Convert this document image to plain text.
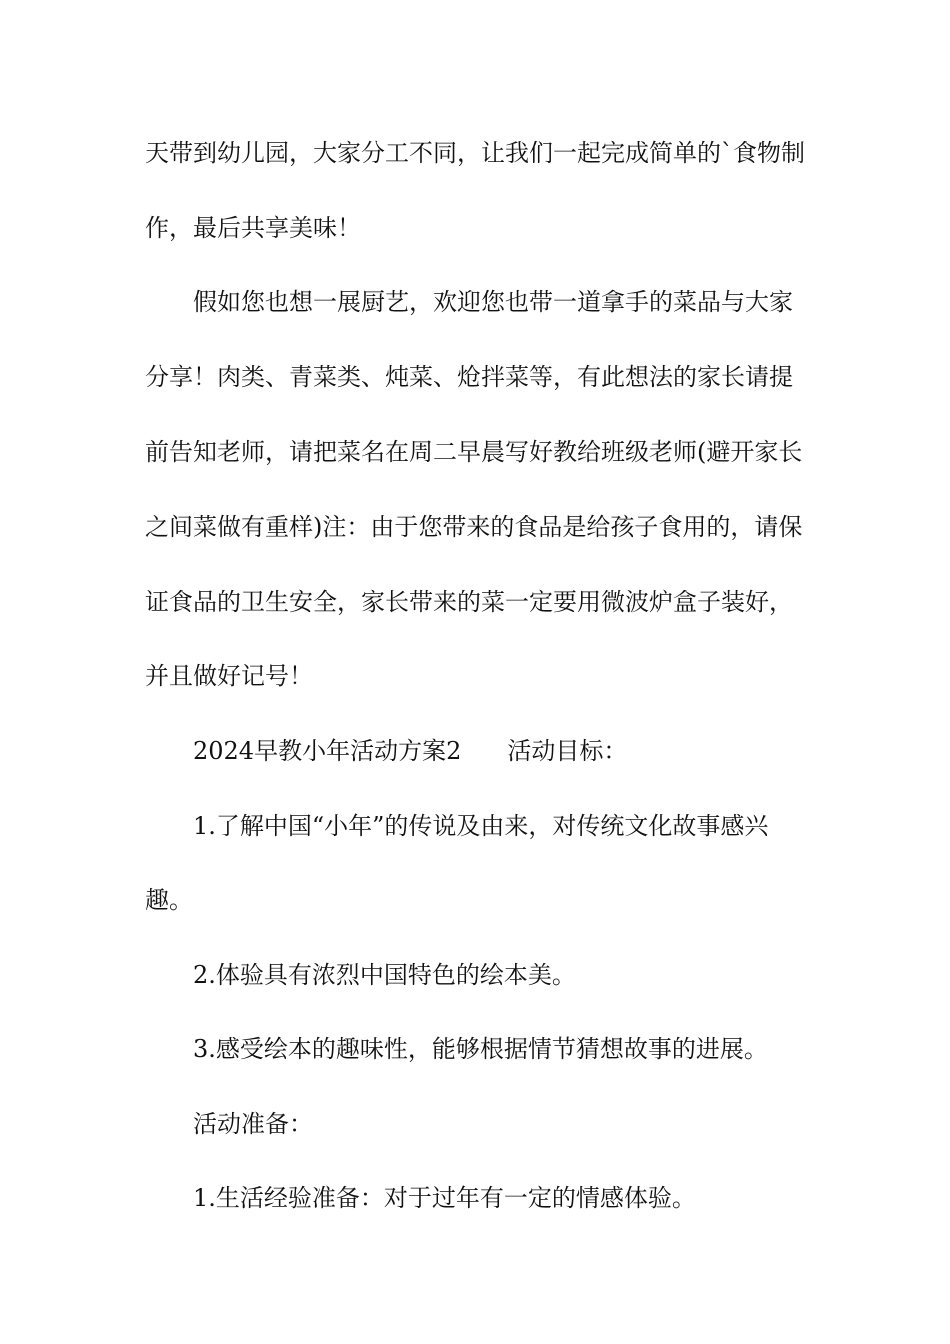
天带到幼儿园，大家分工不同，让我们一起完成简单的`食物制
作，最后共享美味！
假如您也想一展厨艺，欢迎您也带一道拿手的菜品与大家
分享！肉类、青菜类、炖菜、炝拌菜等，有此想法的家长请提
前告知老师，请把菜名在周二早晨写好教给班级老师(避开家长
之间菜做有重样)注：由于您带来的食品是给孩子食用的，请保
证食品的卫生安全，家长带来的菜一定要用微波炉盒子装好，
并且做好记号！
2024早教小年活动方案2 活动目标：
1.了解中国“小年”的传说及由来，对传统文化故事感兴
趣。
2.体验具有浓烈中国特色的绘本美。
3.感受绘本的趣味性，能够根据情节猜想故事的进展。
活动准备：
1.生活经验准备：对于过年有一定的情感体验。
